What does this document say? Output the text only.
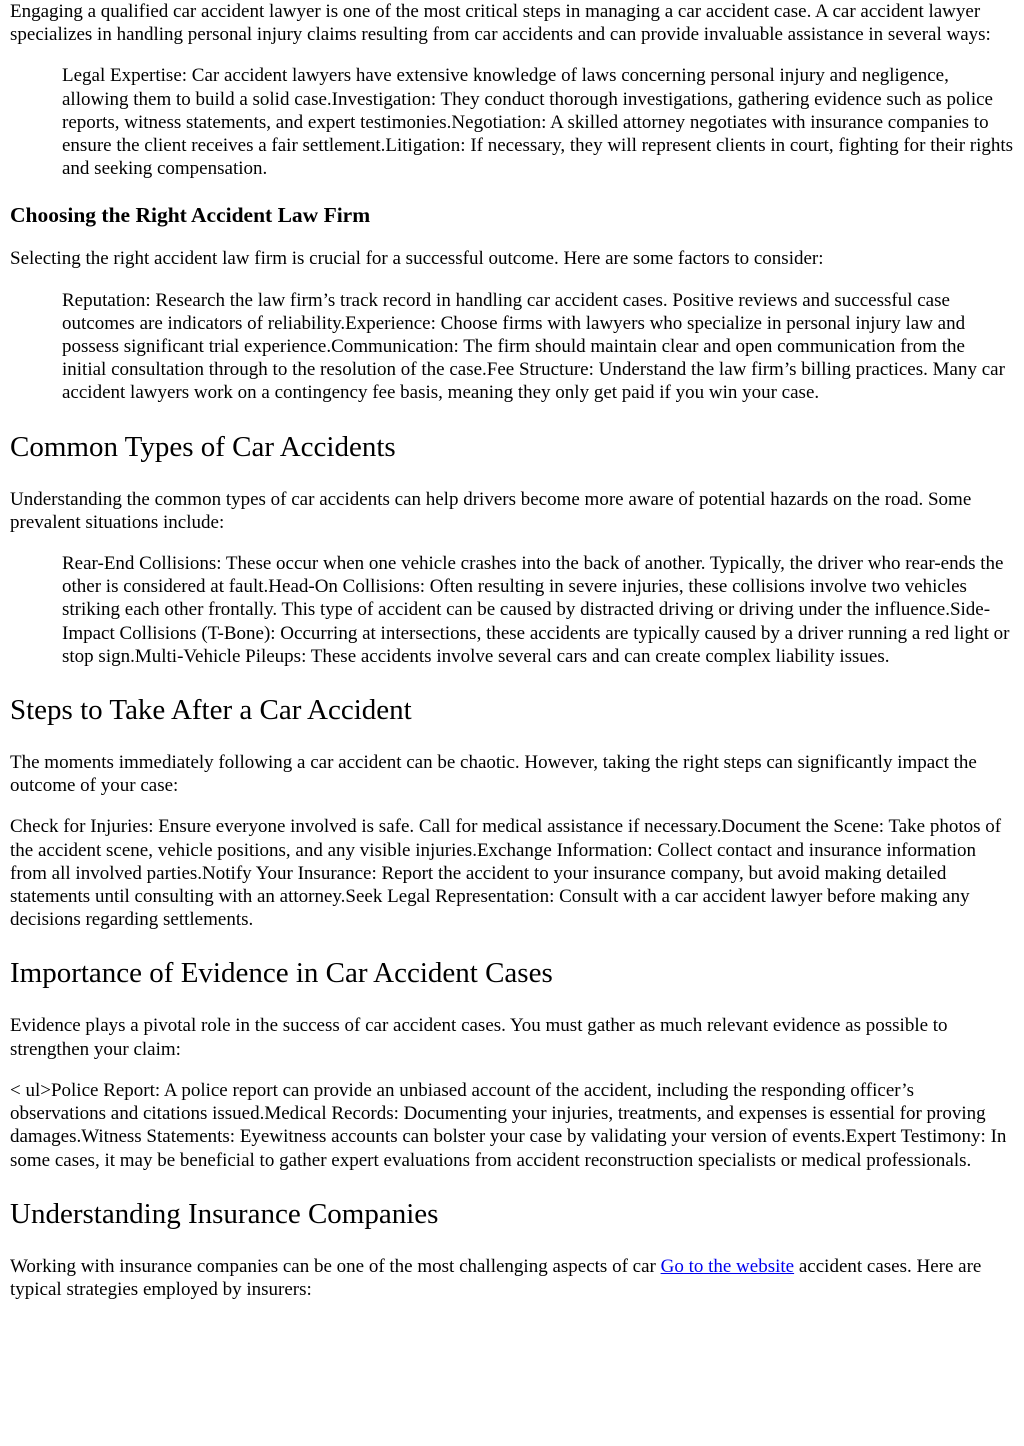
Engaging a qualified car accident lawyer is one of the most critical steps in managing a car accident case. A car accident lawyer specializes in handling personal injury claims resulting from car accidents and can provide invaluable assistance in several ways:

Legal Expertise: Car accident lawyers have extensive knowledge of laws concerning personal injury and negligence, allowing them to build a solid case.Investigation: They conduct thorough investigations, gathering evidence such as police reports, witness statements, and expert testimonies.Negotiation: A skilled attorney negotiates with insurance companies to ensure the client receives a fair settlement.Litigation: If necessary, they will represent clients in court, fighting for their rights and seeking compensation.
Choosing the Right Accident Law Firm

Selecting the right accident law firm is crucial for a successful outcome. Here are some factors to consider:

Reputation: Research the law firm’s track record in handling car accident cases. Positive reviews and successful case outcomes are indicators of reliability.Experience: Choose firms with lawyers who specialize in personal injury law and possess significant trial experience.Communication: The firm should maintain clear and open communication from the initial consultation through to the resolution of the case.Fee Structure: Understand the law firm’s billing practices. Many car accident lawyers work on a contingency fee basis, meaning they only get paid if you win your case.
Common Types of Car Accidents

Understanding the common types of car accidents can help drivers become more aware of potential hazards on the road. Some prevalent situations include:

Rear-End Collisions: These occur when one vehicle crashes into the back of another. Typically, the driver who rear-ends the other is considered at fault.Head-On Collisions: Often resulting in severe injuries, these collisions involve two vehicles striking each other frontally. This type of accident can be caused by distracted driving or driving under the influence.Side-Impact Collisions (T-Bone): Occurring at intersections, these accidents are typically caused by a driver running a red light or stop sign.Multi-Vehicle Pileups: These accidents involve several cars and can create complex liability issues.
Steps to Take After a Car Accident

The moments immediately following a car accident can be chaotic. However, taking the right steps can significantly impact the outcome of your case:

Check for Injuries: Ensure everyone involved is safe. Call for medical assistance if necessary.Document the Scene: Take photos of the accident scene, vehicle positions, and any visible injuries.Exchange Information: Collect contact and insurance information from all involved parties.Notify Your Insurance: Report the accident to your insurance company, but avoid making detailed statements until consulting with an attorney.Seek Legal Representation: Consult with a car accident lawyer before making any decisions regarding settlements.

Importance of Evidence in Car Accident Cases

Evidence plays a pivotal role in the success of car accident cases. You must gather as much relevant evidence as possible to strengthen your claim:

< ul>Police Report: A police report can provide an unbiased account of the accident, including the responding officer’s observations and citations issued.Medical Records: Documenting your injuries, treatments, and expenses is essential for proving damages.Witness Statements: Eyewitness accounts can bolster your case by validating your version of events.Expert Testimony: In some cases, it may be beneficial to gather expert evaluations from accident reconstruction specialists or medical professionals.

Understanding Insurance Companies

Working with insurance companies can be one of the most challenging aspects of car Go to the website accident cases. Here are typical strategies employed by insurers:
